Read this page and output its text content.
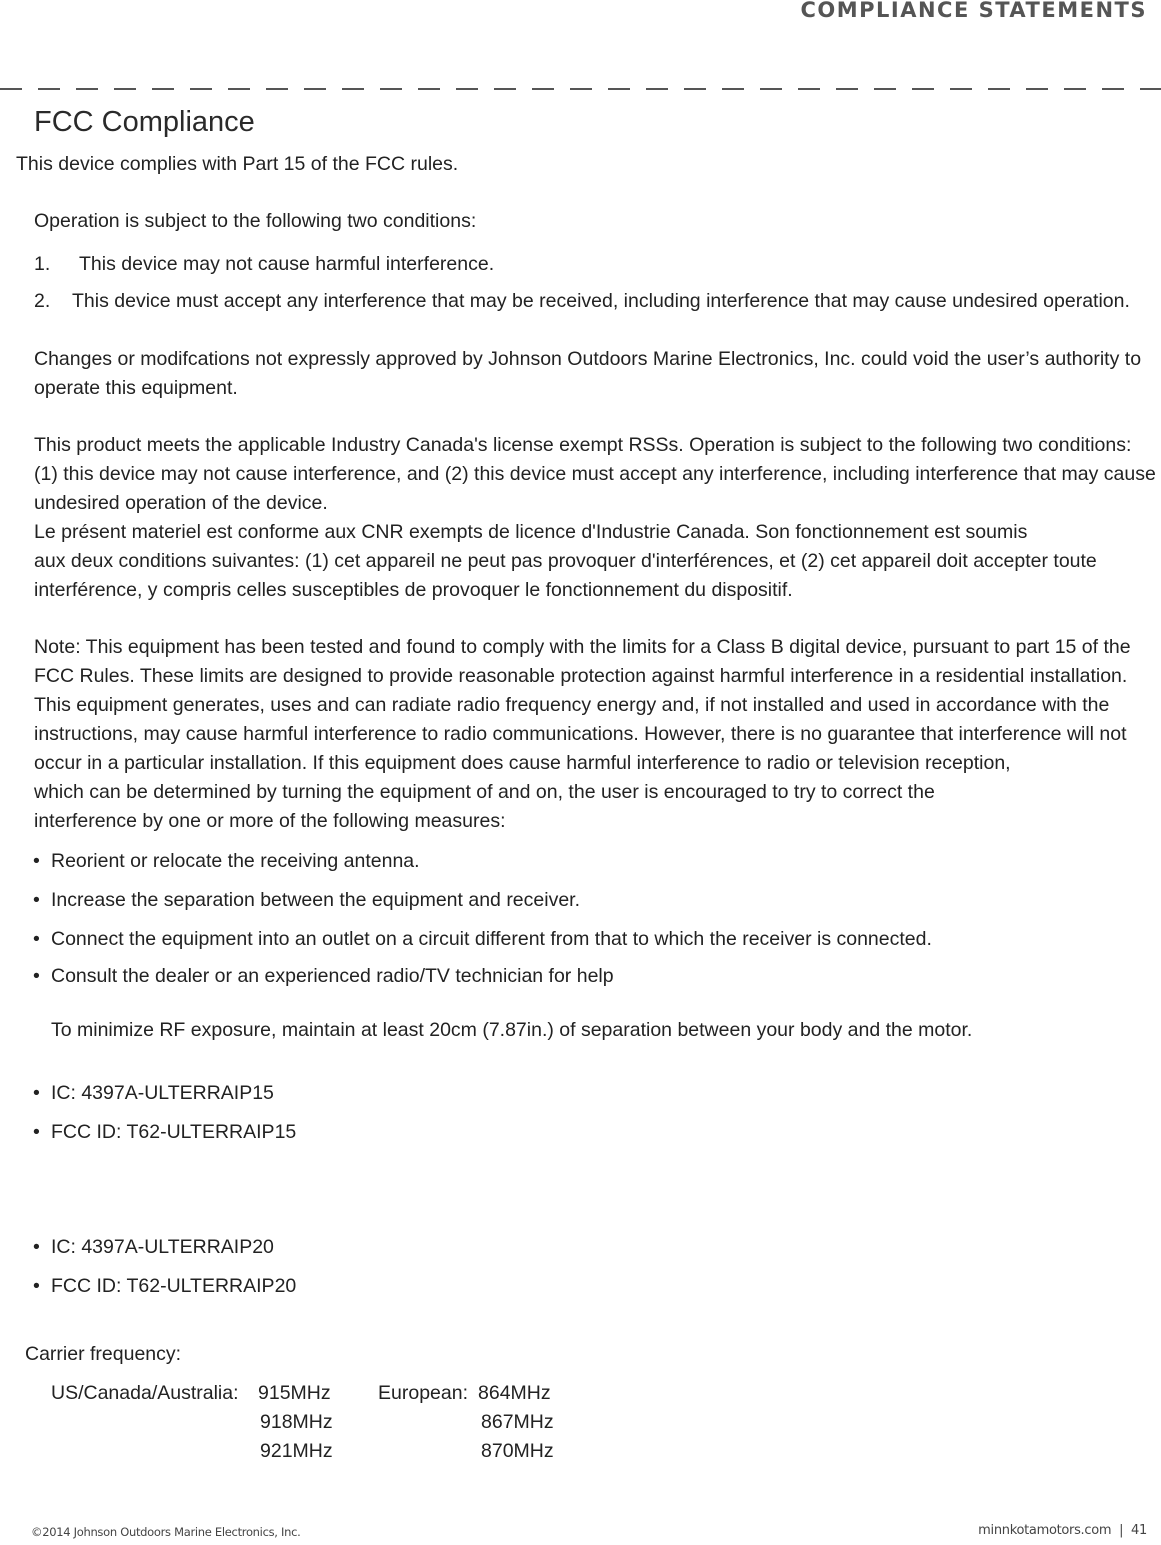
COMPLIANCE STATEMENTS
FCC Compliance
This device complies with Part 15 of the FCC rules.
Operation is subject to the following two conditions:
1. This device may not cause harmful interference.
2. This device must accept any interference that may be received, including interference that may cause undesired operation.
Changes or modifcations not expressly approved by Johnson Outdoors Marine Electronics, Inc. could void the user’s authority to
operate this equipment.
This product meets the applicable Industry Canada's license exempt RSSs. Operation is subject to the following two conditions:
(1) this device may not cause interference, and (2) this device must accept any interference, including interference that may cause
undesired operation of the device.
Le présent materiel est conforme aux CNR exempts de licence d'Industrie Canada. Son fonctionnement est soumis
aux deux conditions suivantes: (1) cet appareil ne peut pas provoquer d'interférences, et (2) cet appareil doit accepter toute
interférence, y compris celles susceptibles de provoquer le fonctionnement du dispositif.
Note: This equipment has been tested and found to comply with the limits for a Class B digital device, pursuant to part 15 of the
FCC Rules. These limits are designed to provide reasonable protection against harmful interference in a residential installation.
This equipment generates, uses and can radiate radio frequency energy and, if not installed and used in accordance with the
instructions, may cause harmful interference to radio communications. However, there is no guarantee that interference will not
occur in a particular installation. If this equipment does cause harmful interference to radio or television reception,
which can be determined by turning the equipment of and on, the user is encouraged to try to correct the
interference by one or more of the following measures:
• Reorient or relocate the receiving antenna.
• Increase the separation between the equipment and receiver.
• Connect the equipment into an outlet on a circuit different from that to which the receiver is connected.
• Consult the dealer or an experienced radio/TV technician for help
To minimize RF exposure, maintain at least 20cm (7.87in.) of separation between your body and the motor.
• IC: 4397A-ULTERRAIP15
• FCC ID: T62-ULTERRAIP15
• IC: 4397A-ULTERRAIP20
• FCC ID: T62-ULTERRAIP20
Carrier frequency:
US/Canada/Australia: 915MHz
918MHz
921MHz
European: 864MHz
867MHz
870MHz
©2014 Johnson Outdoors Marine Electronics, Inc.	minnkotamotors.com | 41
